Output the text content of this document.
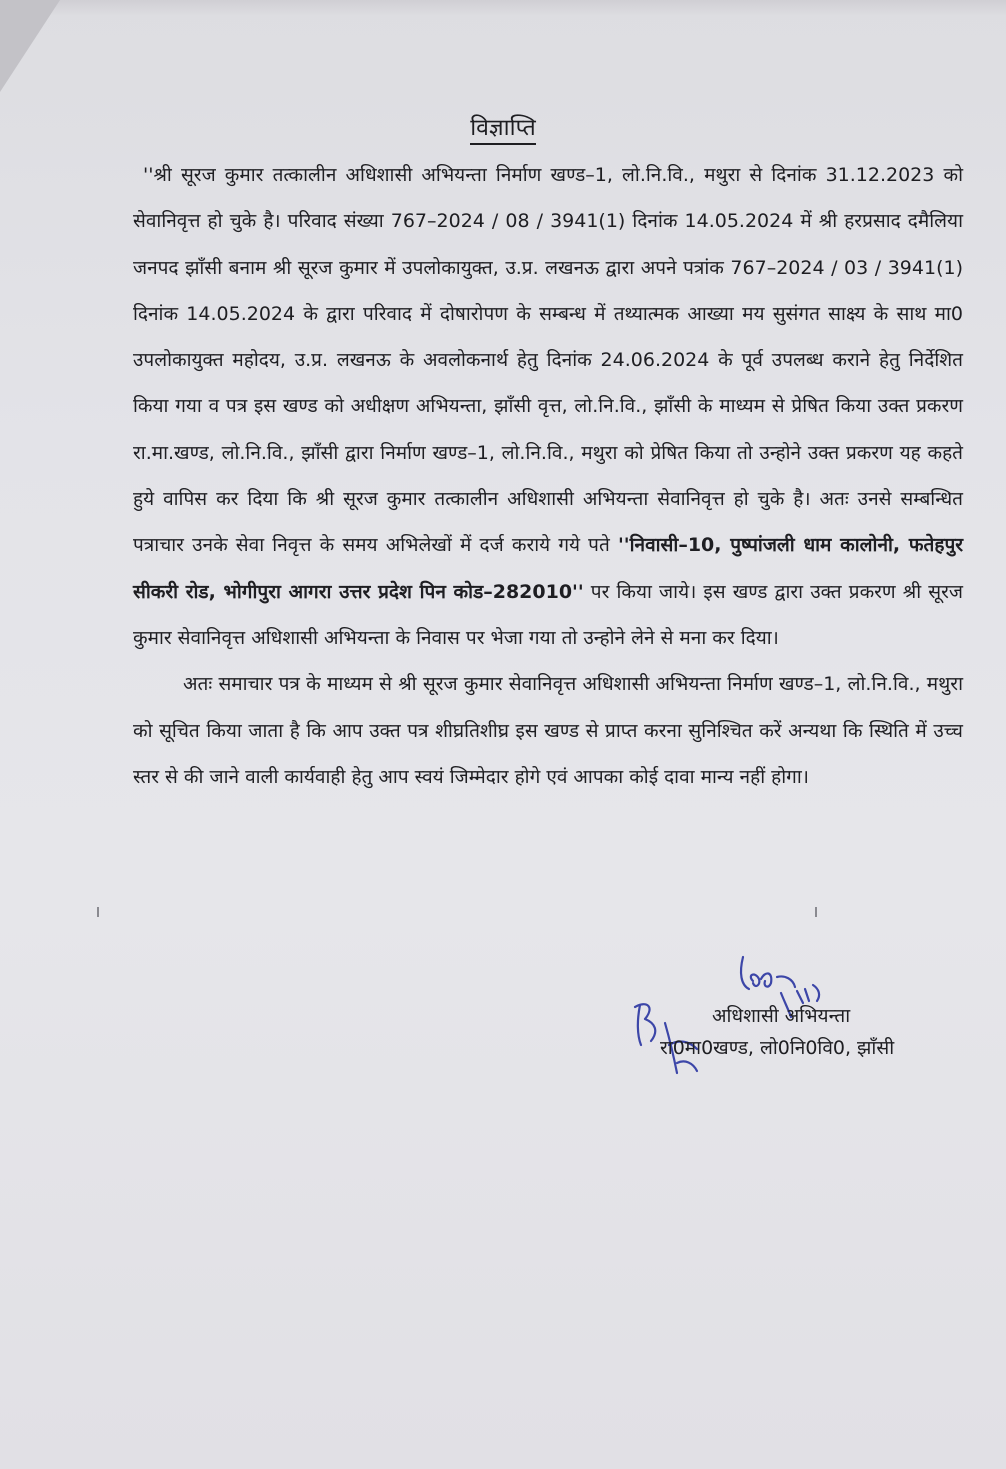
विज्ञाप्ति

''श्री सूरज कुमार तत्कालीन अधिशासी अभियन्ता निर्माण खण्ड–1, लो.नि.वि., मथुरा से दिनांक 31.12.2023 को सेवानिवृत्त हो चुके है। परिवाद संख्या 767–2024 / 08 / 3941(1) दिनांक 14.05.2024 में श्री हरप्रसाद दमैलिया जनपद झाँसी बनाम श्री सूरज कुमार में उपलोकायुक्त, उ.प्र. लखनऊ द्वारा अपने पत्रांक 767–2024 / 03 / 3941(1) दिनांक 14.05.2024 के द्वारा परिवाद में दोषारोपण के सम्बन्ध में तथ्यात्मक आख्या मय सुसंगत साक्ष्य के साथ मा0 उपलोकायुक्त महोदय, उ.प्र. लखनऊ के अवलोकनार्थ हेतु दिनांक 24.06.2024 के पूर्व उपलब्ध कराने हेतु निर्देशित किया गया व पत्र इस खण्ड को अधीक्षण अभियन्ता, झाँसी वृत्त, लो.नि.वि., झाँसी के माध्यम से प्रेषित किया उक्त प्रकरण रा.मा.खण्ड, लो.नि.वि., झाँसी द्वारा निर्माण खण्ड–1, लो.नि.वि., मथुरा को प्रेषित किया तो उन्होने उक्त प्रकरण यह कहते हुये वापिस कर दिया कि श्री सूरज कुमार तत्कालीन अधिशासी अभियन्ता सेवानिवृत्त हो चुके है। अतः उनसे सम्बन्धित पत्राचार उनके सेवा निवृत्त के समय अभिलेखों में दर्ज कराये गये पते ''निवासी–10, पुष्पांजली धाम कालोनी, फतेहपुर सीकरी रोड, भोगीपुरा आगरा उत्तर प्रदेश पिन कोड–282010'' पर किया जाये। इस खण्ड द्वारा उक्त प्रकरण श्री सूरज कुमार सेवानिवृत्त अधिशासी अभियन्ता के निवास पर भेजा गया तो उन्होने लेने से मना कर दिया।

अतः समाचार पत्र के माध्यम से श्री सूरज कुमार सेवानिवृत्त अधिशासी अभियन्ता निर्माण खण्ड–1, लो.नि.वि., मथुरा को सूचित किया जाता है कि आप उक्त पत्र शीघ्रतिशीघ्र इस खण्ड से प्राप्त करना सुनिश्चित करें अन्यथा कि स्थिति में उच्च स्तर से की जाने वाली कार्यवाही हेतु आप स्वयं जिम्मेदार होगे एवं आपका कोई दावा मान्य नहीं होगा।

अधिशासी अभियन्ता
रा0मा0खण्ड, लो0नि0वि0, झाँसी
